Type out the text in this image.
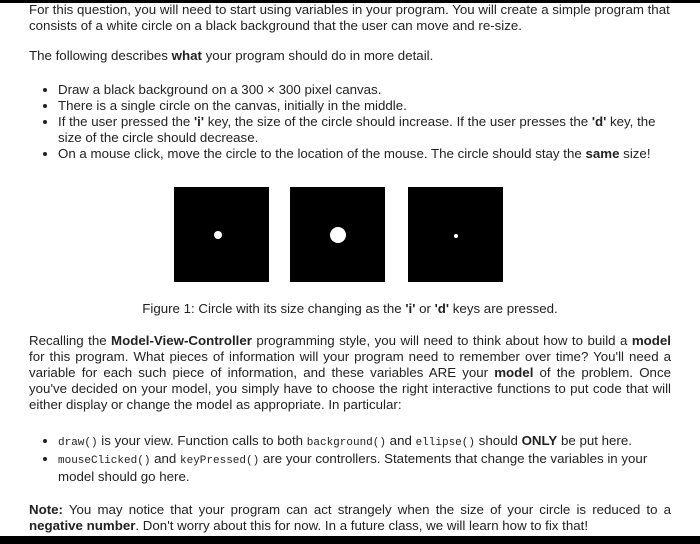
For this question, you will need to start using variables in your program. You will create a simple program that consists of a white circle on a black background that the user can move and re-size.
The following describes what your program should do in more detail.
• Draw a black background on a 300 × 300 pixel canvas.
• There is a single circle on the canvas, initially in the middle.
• If the user pressed the 'i' key, the size of the circle should increase. If the user presses the 'd' key, the size of the circle should decrease.
• On a mouse click, move the circle to the location of the mouse. The circle should stay the same size!
Figure 1: Circle with its size changing as the 'i' or 'd' keys are pressed.
Recalling the Model-View-Controller programming style, you will need to think about how to build a model for this program. What pieces of information will your program need to remember over time? You'll need a variable for each such piece of information, and these variables ARE your model of the problem. Once you've decided on your model, you simply have to choose the right interactive functions to put code that will either display or change the model as appropriate. In particular:
• draw() is your view. Function calls to both background() and ellipse() should ONLY be put here.
• mouseClicked() and keyPressed() are your controllers. Statements that change the variables in your model should go here.
Note: You may notice that your program can act strangely when the size of your circle is reduced to a negative number. Don't worry about this for now. In a future class, we will learn how to fix that!
